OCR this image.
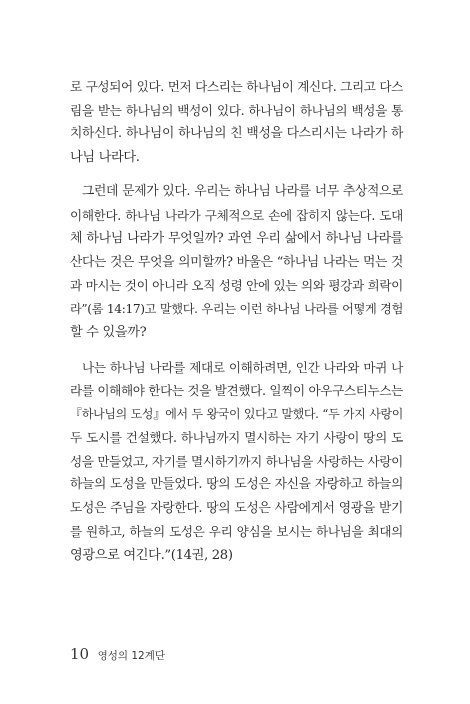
로 구성되어 있다. 먼저 다스리는 하나님이 계신다. 그리고 다스
림을 받는 하나님의 백성이 있다. 하나님이 하나님의 백성을 통
치하신다. 하나님이 하나님의 친 백성을 다스리시는 나라가 하
나님 나라다.
그런데 문제가 있다. 우리는 하나님 나라를 너무 추상적으로
이해한다. 하나님 나라가 구체적으로 손에 잡히지 않는다. 도대
체 하나님 나라가 무엇일까? 과연 우리 삶에서 하나님 나라를
산다는 것은 무엇을 의미할까? 바울은 “하나님 나라는 먹는 것
과 마시는 것이 아니라 오직 성령 안에 있는 의와 평강과 희락이
라”(롬 14:17)고 말했다. 우리는 이런 하나님 나라를 어떻게 경험
할 수 있을까?
나는 하나님 나라를 제대로 이해하려면, 인간 나라와 마귀 나
라를 이해해야 한다는 것을 발견했다. 일찍이 아우구스티누스는
『하나님의 도성』에서 두 왕국이 있다고 말했다. “두 가지 사랑이
두 도시를 건설했다. 하나님까지 멸시하는 자기 사랑이 땅의 도
성을 만들었고, 자기를 멸시하기까지 하나님을 사랑하는 사랑이
하늘의 도성을 만들었다. 땅의 도성은 자신을 자랑하고 하늘의
도성은 주님을 자랑한다. 땅의 도성은 사람에게서 영광을 받기
를 원하고, 하늘의 도성은 우리 양심을 보시는 하나님을 최대의
영광으로 여긴다.”(14권, 28)
10 영성의 12계단
